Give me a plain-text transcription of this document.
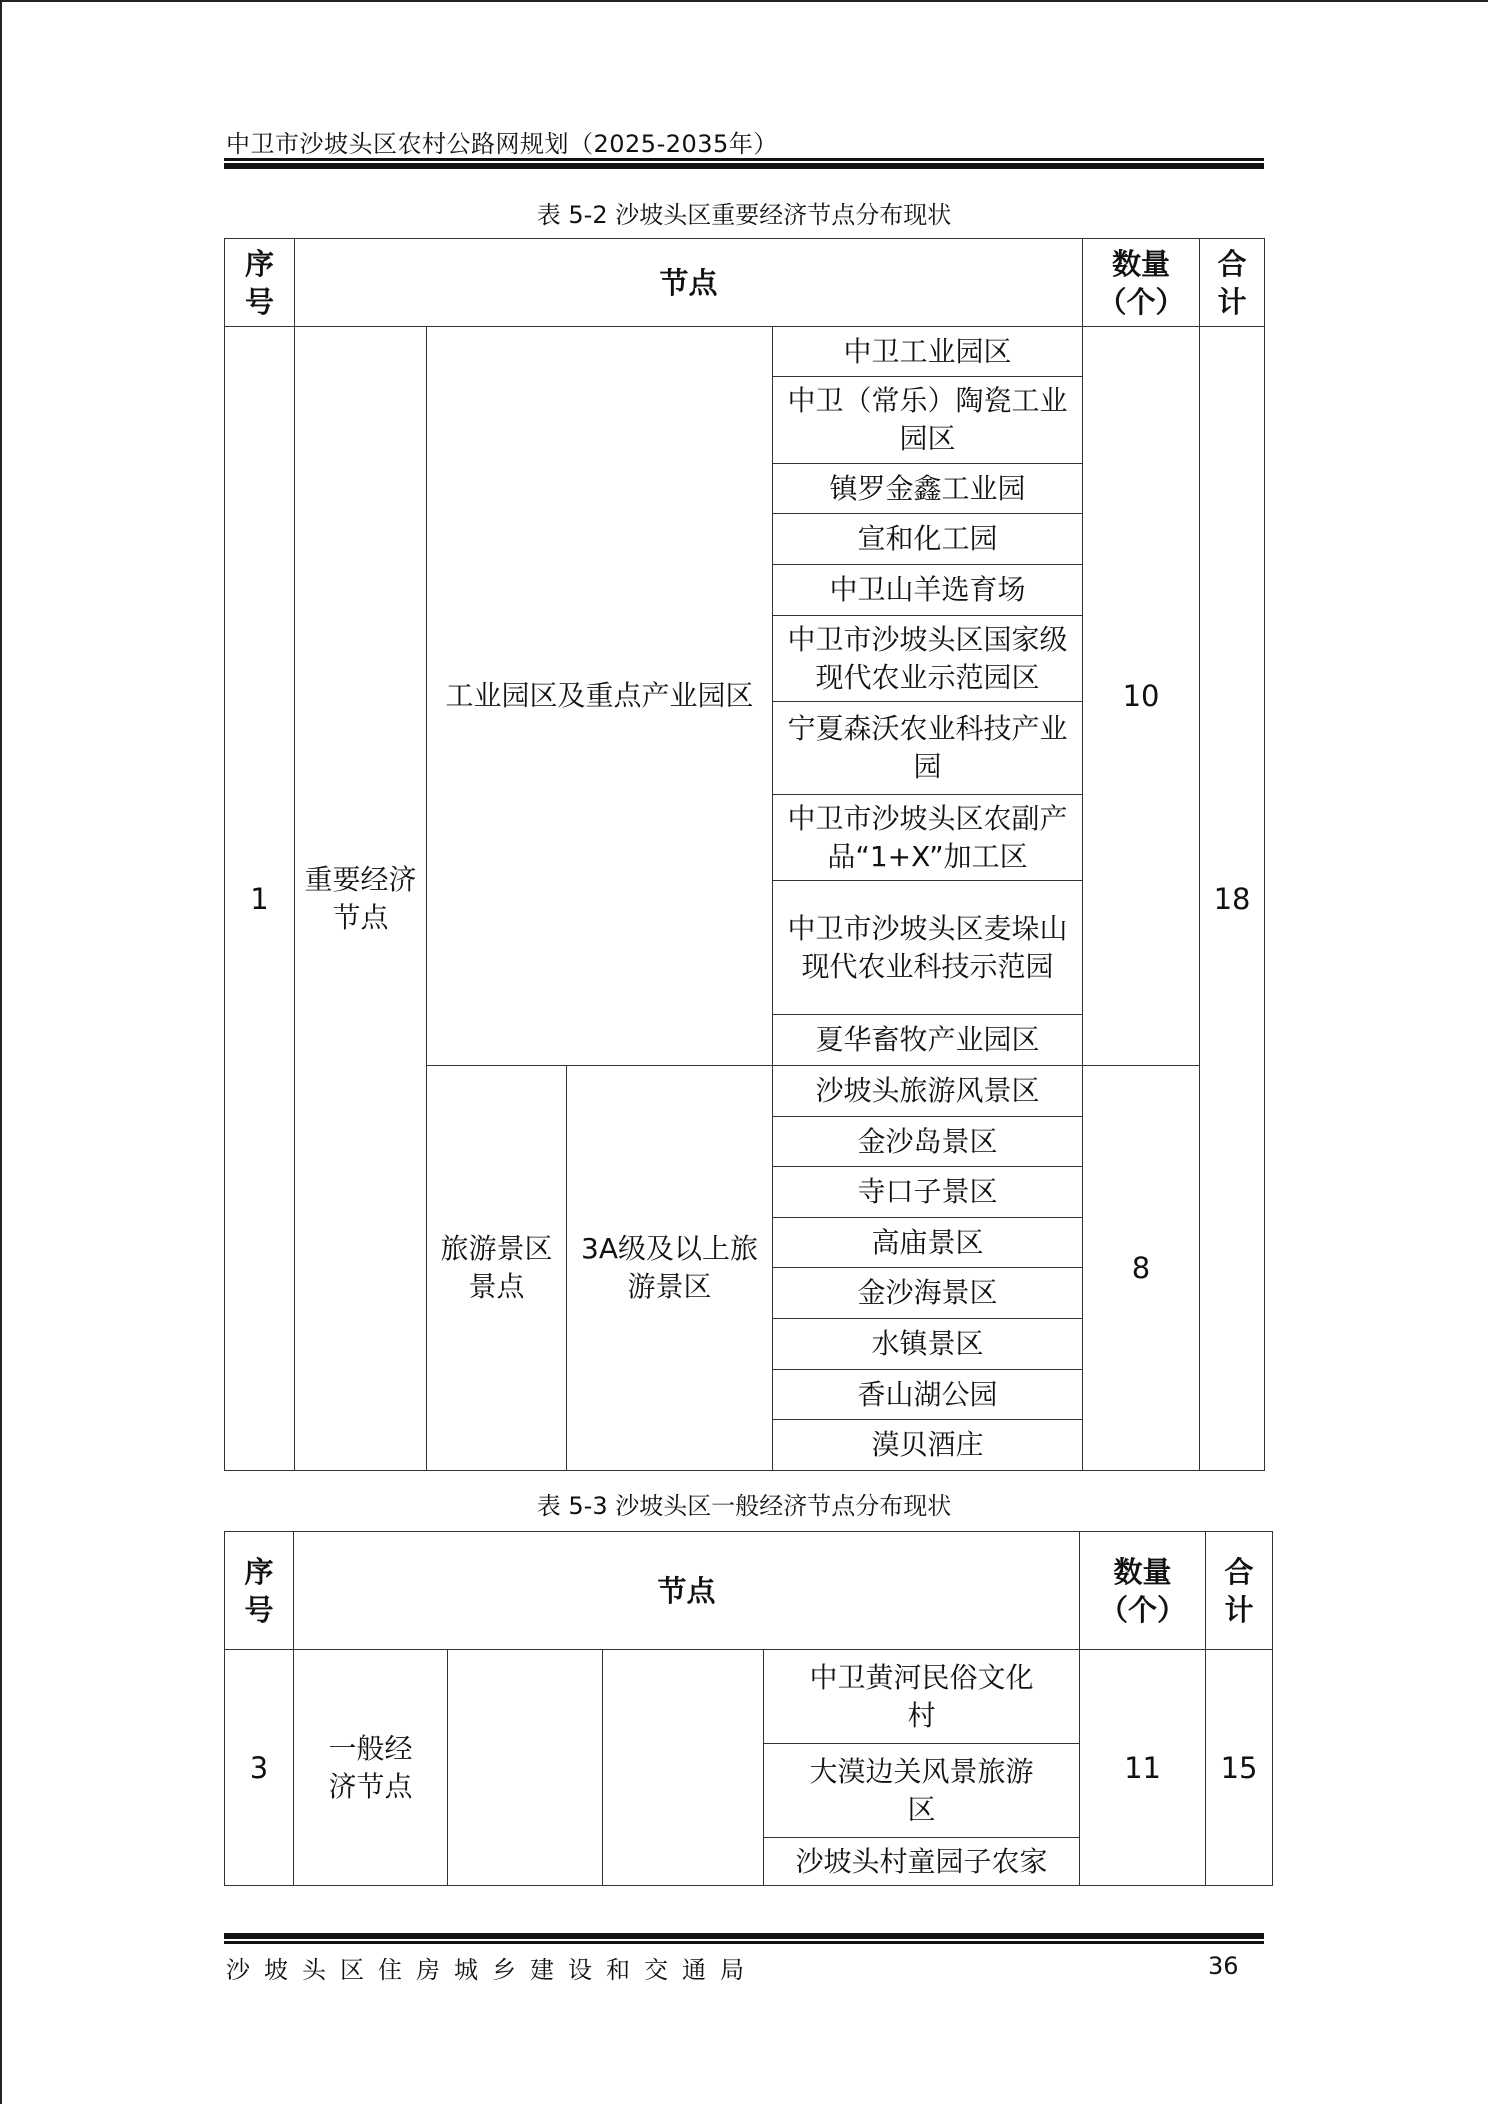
中卫市沙坡头区农村公路网规划（2025-2035年）
表 5-2 沙坡头区重要经济节点分布现状
序号	节点				数量（个）	合计
1	重要经济节点	工业园区及重点产业园区		中卫工业园区	10	18
				中卫（常乐）陶瓷工业园区		
				镇罗金鑫工业园		
				宣和化工园		
				中卫山羊选育场		
				中卫市沙坡头区国家级现代农业示范园区		
				宁夏森沃农业科技产业园		
				中卫市沙坡头区农副产品“1+X”加工区		
				中卫市沙坡头区麦垛山现代农业科技示范园		
				夏华畜牧产业园区		
		旅游景区景点	3A级及以上旅游景区	沙坡头旅游风景区	8	
				金沙岛景区		
				寺口子景区		
				高庙景区		
				金沙海景区		
				水镇景区		
				香山湖公园		
				漠贝酒庄		
表 5-3 沙坡头区一般经济节点分布现状
序号	节点				数量（个）	合计
3	一般经济节点			中卫黄河民俗文化村	11	15
				大漠边关风景旅游区		
				沙坡头村童园子农家		
沙坡头区住房城乡建设和交通局	36
